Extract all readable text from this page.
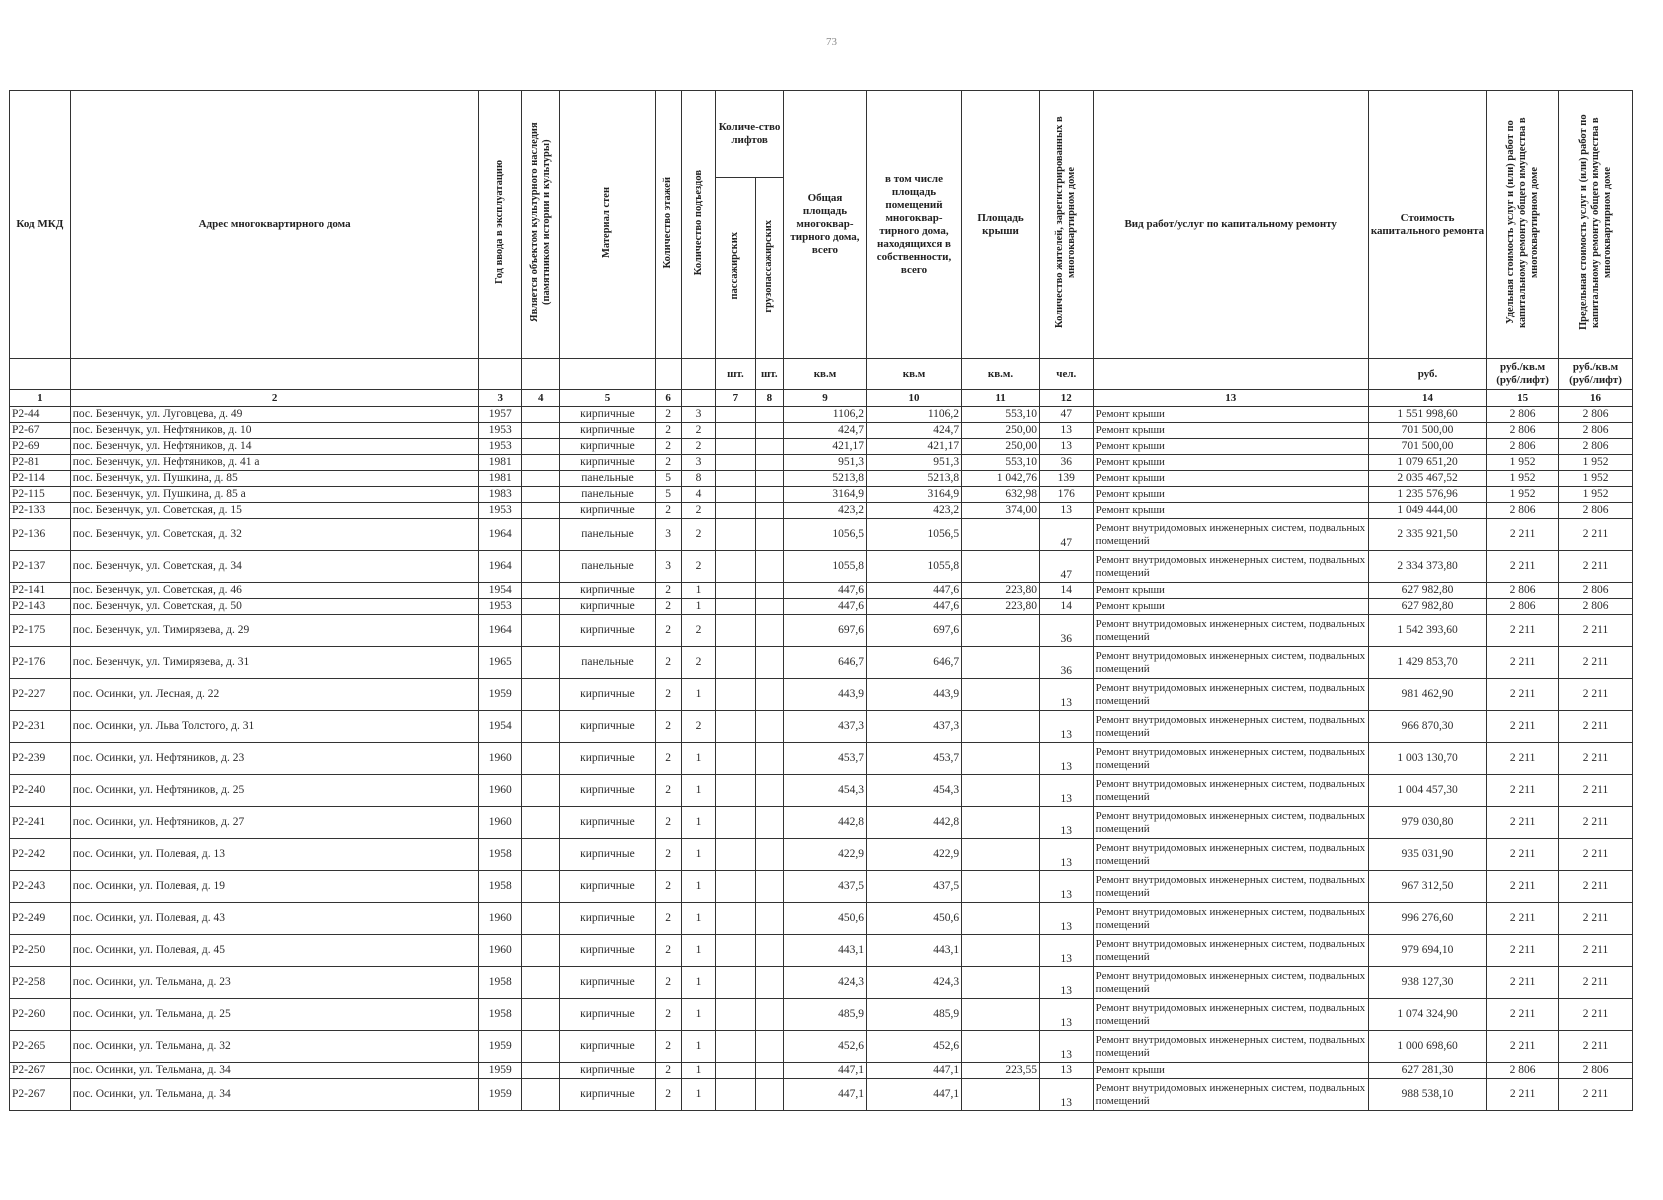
73
Код МКД	Адрес многоквартирного дома	Год ввода в эксплуатацию	Является объектом культурного наследия (памятником истории и культуры)	Материал стен	Количество этажей	Количество подъездов	Количе-ство лифтов		Общая площадь многоквар-тирного дома, всего	в том числе площадь помещений многоквар-тирного дома, находящихся в собственности, всего	Площадь крыши	Количество жителей, зарегистрированных в многоквартирном доме	Вид работ/услуг по капитальному ремонту	Стоимость капитального ремонта	Удельная стоимость услуг и (или) работ по капитальному ремонту общего имущества в многоквартирном доме	Предельная стоимость услуг и (или) работ по капитальному ремонту общего имущества в многоквартирном доме
							пассажирских	грузопассажирских								
							шт.	шт.	кв.м	кв.м	кв.м.	чел.		руб.	руб./кв.м (руб/лифт)	руб./кв.м (руб/лифт)
1	2	3	4	5	6		7	8	9	10	11	12	13	14	15	16
Р2-44	пос. Безенчук, ул. Луговцева, д. 49	1957		кирпичные	2	3			1106,2	1106,2	553,10	47	Ремонт крыши	1 551 998,60	2 806	2 806
Р2-67	пос. Безенчук, ул. Нефтяников, д. 10	1953		кирпичные	2	2			424,7	424,7	250,00	13	Ремонт крыши	701 500,00	2 806	2 806
Р2-69	пос. Безенчук, ул. Нефтяников, д. 14	1953		кирпичные	2	2			421,17	421,17	250,00	13	Ремонт крыши	701 500,00	2 806	2 806
Р2-81	пос. Безенчук, ул. Нефтяников, д. 41 а	1981		кирпичные	2	3			951,3	951,3	553,10	36	Ремонт крыши	1 079 651,20	1 952	1 952
Р2-114	пос. Безенчук, ул. Пушкина, д. 85	1981		панельные	5	8			5213,8	5213,8	1 042,76	139	Ремонт крыши	2 035 467,52	1 952	1 952
Р2-115	пос. Безенчук, ул. Пушкина, д. 85 а	1983		панельные	5	4			3164,9	3164,9	632,98	176	Ремонт крыши	1 235 576,96	1 952	1 952
Р2-133	пос. Безенчук, ул. Советская, д. 15	1953		кирпичные	2	2			423,2	423,2	374,00	13	Ремонт крыши	1 049 444,00	2 806	2 806
Р2-136	пос. Безенчук, ул. Советская, д. 32	1964		панельные	3	2			1056,5	1056,5		47	Ремонт внутридомовых инженерных систем, подвальных помещений	2 335 921,50	2 211	2 211
Р2-137	пос. Безенчук, ул. Советская, д. 34	1964		панельные	3	2			1055,8	1055,8		47	Ремонт внутридомовых инженерных систем, подвальных помещений	2 334 373,80	2 211	2 211
Р2-141	пос. Безенчук, ул. Советская, д. 46	1954		кирпичные	2	1			447,6	447,6	223,80	14	Ремонт крыши	627 982,80	2 806	2 806
Р2-143	пос. Безенчук, ул. Советская, д. 50	1953		кирпичные	2	1			447,6	447,6	223,80	14	Ремонт крыши	627 982,80	2 806	2 806
Р2-175	пос. Безенчук, ул. Тимирязева, д. 29	1964		кирпичные	2	2			697,6	697,6		36	Ремонт внутридомовых инженерных систем, подвальных помещений	1 542 393,60	2 211	2 211
Р2-176	пос. Безенчук, ул. Тимирязева, д. 31	1965		панельные	2	2			646,7	646,7		36	Ремонт внутридомовых инженерных систем, подвальных помещений	1 429 853,70	2 211	2 211
Р2-227	пос. Осинки, ул. Лесная, д. 22	1959		кирпичные	2	1			443,9	443,9		13	Ремонт внутридомовых инженерных систем, подвальных помещений	981 462,90	2 211	2 211
Р2-231	пос. Осинки, ул. Льва Толстого, д. 31	1954		кирпичные	2	2			437,3	437,3		13	Ремонт внутридомовых инженерных систем, подвальных помещений	966 870,30	2 211	2 211
Р2-239	пос. Осинки, ул. Нефтяников, д. 23	1960		кирпичные	2	1			453,7	453,7		13	Ремонт внутридомовых инженерных систем, подвальных помещений	1 003 130,70	2 211	2 211
Р2-240	пос. Осинки, ул. Нефтяников, д. 25	1960		кирпичные	2	1			454,3	454,3		13	Ремонт внутридомовых инженерных систем, подвальных помещений	1 004 457,30	2 211	2 211
Р2-241	пос. Осинки, ул. Нефтяников, д. 27	1960		кирпичные	2	1			442,8	442,8		13	Ремонт внутридомовых инженерных систем, подвальных помещений	979 030,80	2 211	2 211
Р2-242	пос. Осинки, ул. Полевая, д. 13	1958		кирпичные	2	1			422,9	422,9		13	Ремонт внутридомовых инженерных систем, подвальных помещений	935 031,90	2 211	2 211
Р2-243	пос. Осинки, ул. Полевая, д. 19	1958		кирпичные	2	1			437,5	437,5		13	Ремонт внутридомовых инженерных систем, подвальных помещений	967 312,50	2 211	2 211
Р2-249	пос. Осинки, ул. Полевая, д. 43	1960		кирпичные	2	1			450,6	450,6		13	Ремонт внутридомовых инженерных систем, подвальных помещений	996 276,60	2 211	2 211
Р2-250	пос. Осинки, ул. Полевая, д. 45	1960		кирпичные	2	1			443,1	443,1		13	Ремонт внутридомовых инженерных систем, подвальных помещений	979 694,10	2 211	2 211
Р2-258	пос. Осинки, ул. Тельмана, д. 23	1958		кирпичные	2	1			424,3	424,3		13	Ремонт внутридомовых инженерных систем, подвальных помещений	938 127,30	2 211	2 211
Р2-260	пос. Осинки, ул. Тельмана, д. 25	1958		кирпичные	2	1			485,9	485,9		13	Ремонт внутридомовых инженерных систем, подвальных помещений	1 074 324,90	2 211	2 211
Р2-265	пос. Осинки, ул. Тельмана, д. 32	1959		кирпичные	2	1			452,6	452,6		13	Ремонт внутридомовых инженерных систем, подвальных помещений	1 000 698,60	2 211	2 211
Р2-267	пос. Осинки, ул. Тельмана, д. 34	1959		кирпичные	2	1			447,1	447,1	223,55	13	Ремонт крыши	627 281,30	2 806	2 806
Р2-267	пос. Осинки, ул. Тельмана, д. 34	1959		кирпичные	2	1			447,1	447,1		13	Ремонт внутридомовых инженерных систем, подвальных помещений	988 538,10	2 211	2 211
